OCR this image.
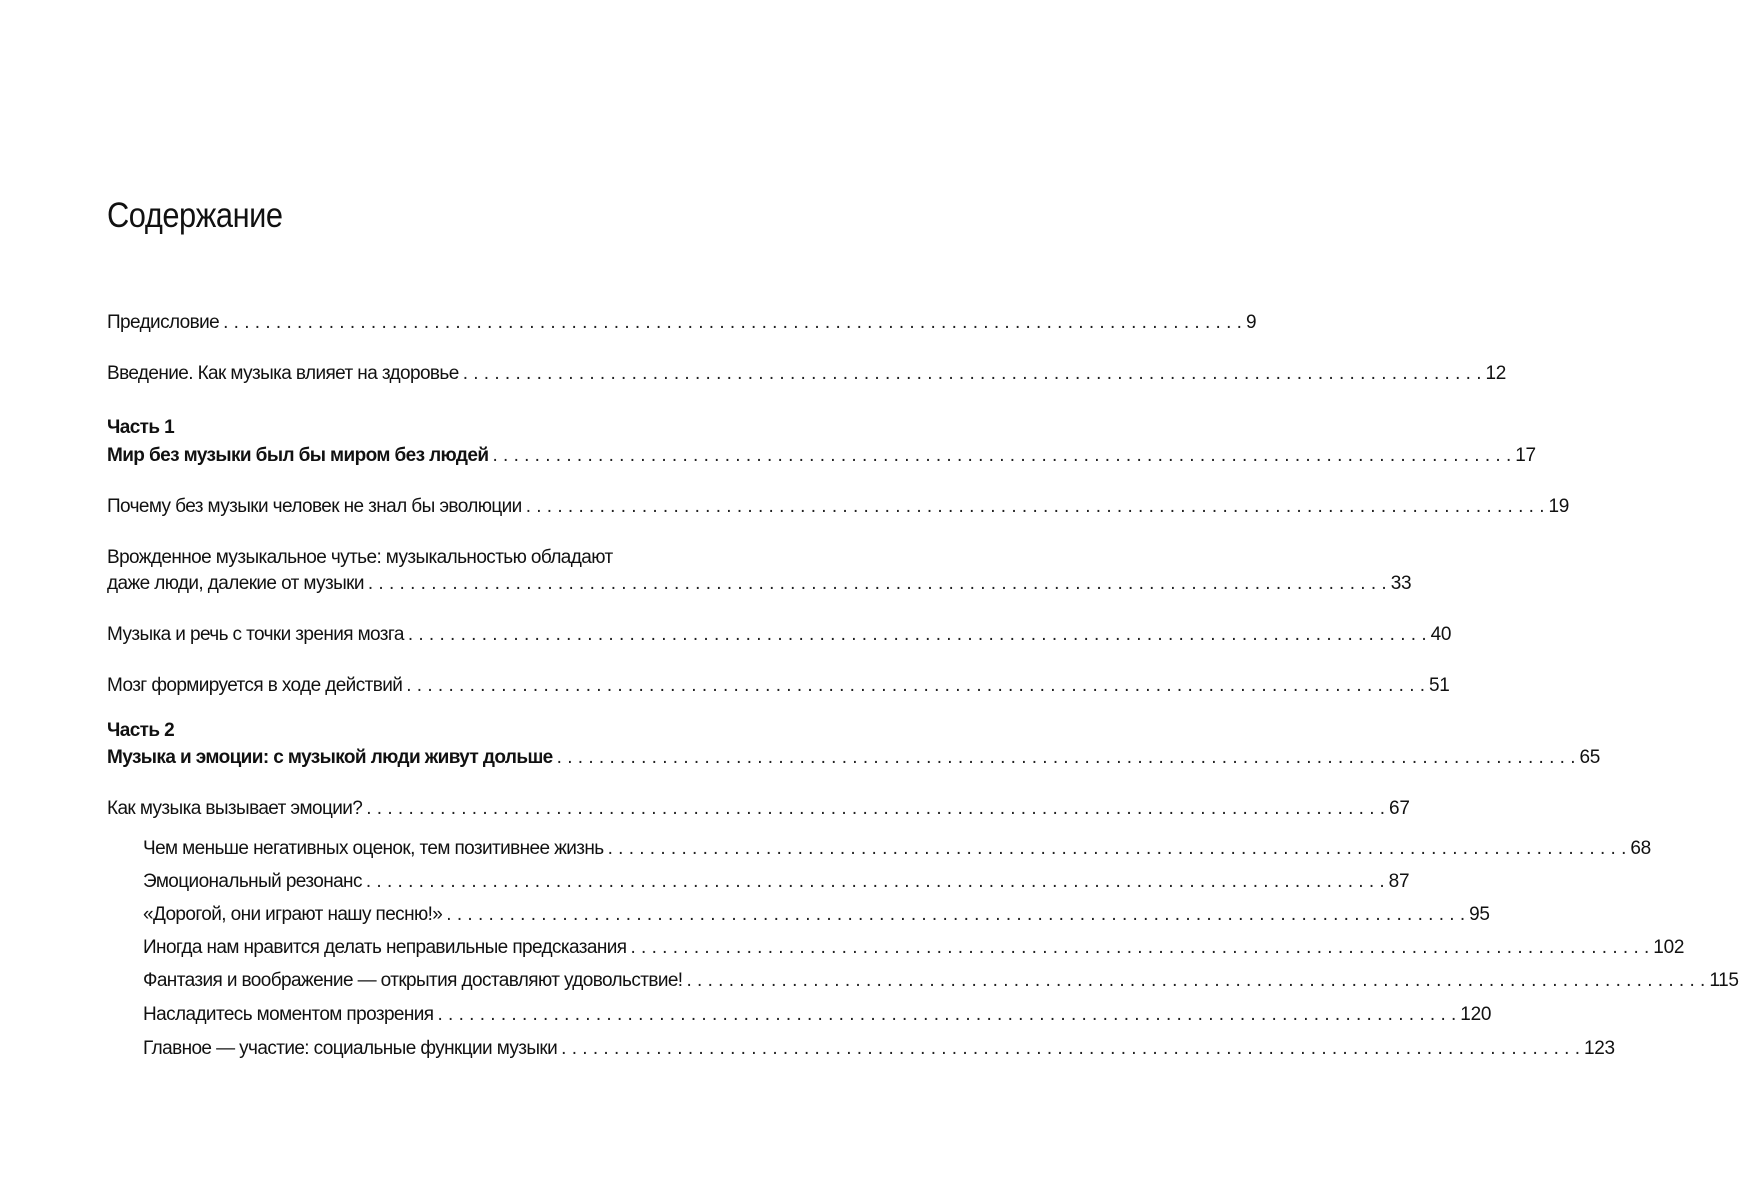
Содержание
Предисловие . . .	9
Введение. Как музыка влияет на здоровье . . .	12
Часть 1
Мир без музыки был бы миром без людей . . .	17
Почему без музыки человек не знал бы эволюции . . .	19
Врожденное музыкальное чутье: музыкальностью обладают
даже люди, далекие от музыки . . .	33
Музыка и речь с точки зрения мозга . . .	40
Мозг формируется в ходе действий . . .	51
Часть 2
Музыка и эмоции: с музыкой люди живут дольше . . .	65
Как музыка вызывает эмоции? . . .	67
Чем меньше негативных оценок, тем позитивнее жизнь . . .	68
Эмоциональный резонанс . . .	87
«Дорогой, они играют нашу песню!» . . .	95
Иногда нам нравится делать неправильные предсказания . . .	102
Фантазия и воображение — открытия доставляют удовольствие! . . .	115
Насладитесь моментом прозрения . . .	120
Главное — участие: социальные функции музыки . . .	123
